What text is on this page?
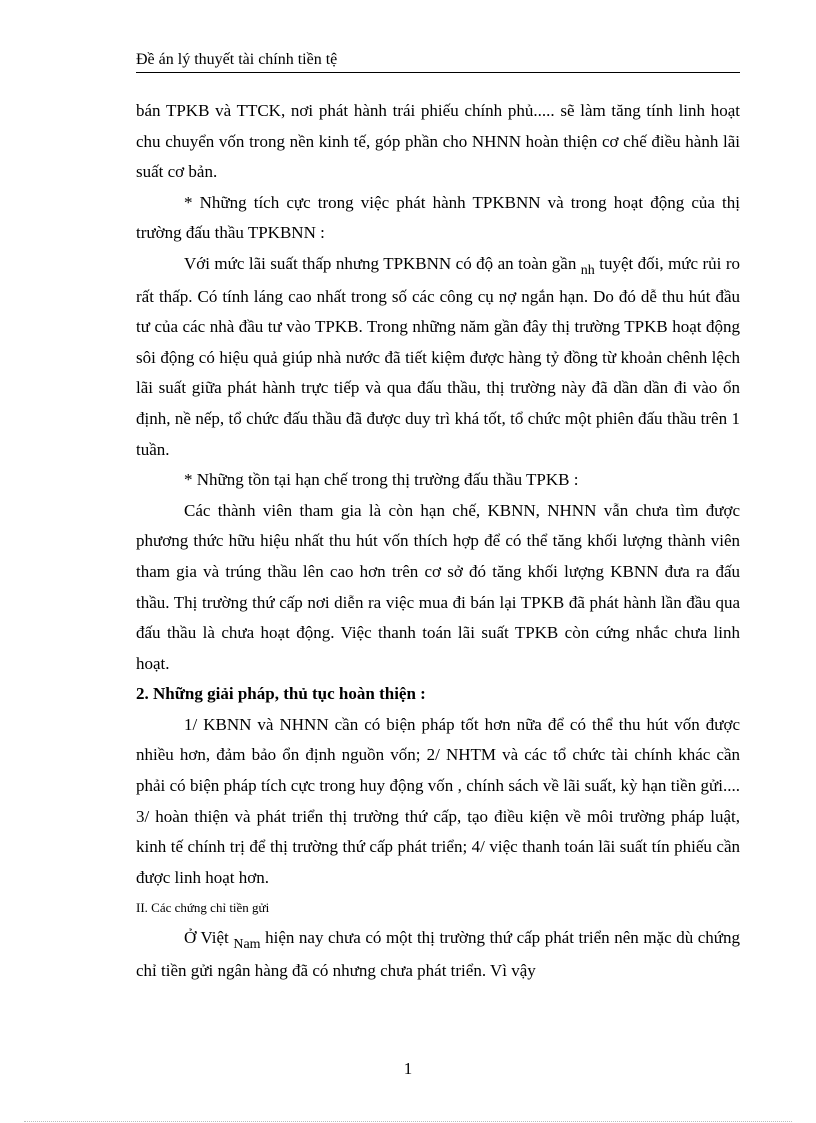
Đề án lý thuyết tài chính tiền tệ

bán TPKB và TTCK, nơi phát hành trái phiếu chính phủ..... sẽ làm tăng tính linh hoạt chu chuyển vốn trong nền kinh tế, góp phần cho NHNN hoàn thiện cơ chế điều hành lãi suất cơ bản.

* Những tích cực trong việc phát hành TPKBNN và trong hoạt động của thị trường đấu thầu TPKBNN :

Với mức lãi suất thấp nhưng TPKBNN có độ an toàn gần $_{nh}$ tuyệt đối, mức rủi ro rất thấp. Có tính láng cao nhất trong số các công cụ nợ ngắn hạn. Do đó dễ thu hút đầu tư của các nhà đầu tư vào TPKB. Trong những năm gần đây thị trường TPKB hoạt động sôi động có hiệu quả giúp nhà nước đã tiết kiệm được hàng tỷ đồng từ khoản chênh lệch lãi suất giữa phát hành trực tiếp và qua đấu thầu, thị trường này đã dần dần đi vào ổn định, nề nếp, tổ chức đấu thầu đã được duy trì khá tốt, tổ chức một phiên đấu thầu trên 1 tuần.

* Những tồn tại hạn chế trong thị trường đấu thầu TPKB :

Các thành viên tham gia là còn hạn chế, KBNN, NHNN vẫn chưa tìm được phương thức hữu hiệu nhất thu hút vốn thích hợp để có thể tăng khối lượng thành viên tham gia và trúng thầu lên cao hơn trên cơ sở đó tăng khối lượng KBNN đưa ra đấu thầu. Thị trường thứ cấp nơi diễn ra việc mua đi bán lại TPKB đã phát hành lần đầu qua đấu thầu là chưa hoạt động. Việc thanh toán lãi suất TPKB còn cứng nhắc chưa linh hoạt.

2. Những giải pháp, thủ tục hoàn thiện :

1/ KBNN và NHNN cần có biện pháp tốt hơn nữa để có thể thu hút vốn được nhiều hơn, đảm bảo ổn định nguồn vốn; 2/ NHTM và các tổ chức tài chính khác cần phải có biện pháp tích cực trong huy động vốn , chính sách về lãi suất, kỳ hạn tiền gửi.... 3/ hoàn thiện và phát triển thị trường thứ cấp, tạo điều kiện về môi trường pháp luật, kinh tế chính trị để thị trường thứ cấp phát triển; 4/ việc thanh toán lãi suất tín phiếu cần được linh hoạt hơn.

II. Các chứng chỉ tiền gửi

Ở Việt $_{Nam}$ hiện nay chưa có một thị trường thứ cấp phát triển nên mặc dù chứng chỉ tiền gửi ngân hàng đã có nhưng chưa phát triển. Vì vậy

1
